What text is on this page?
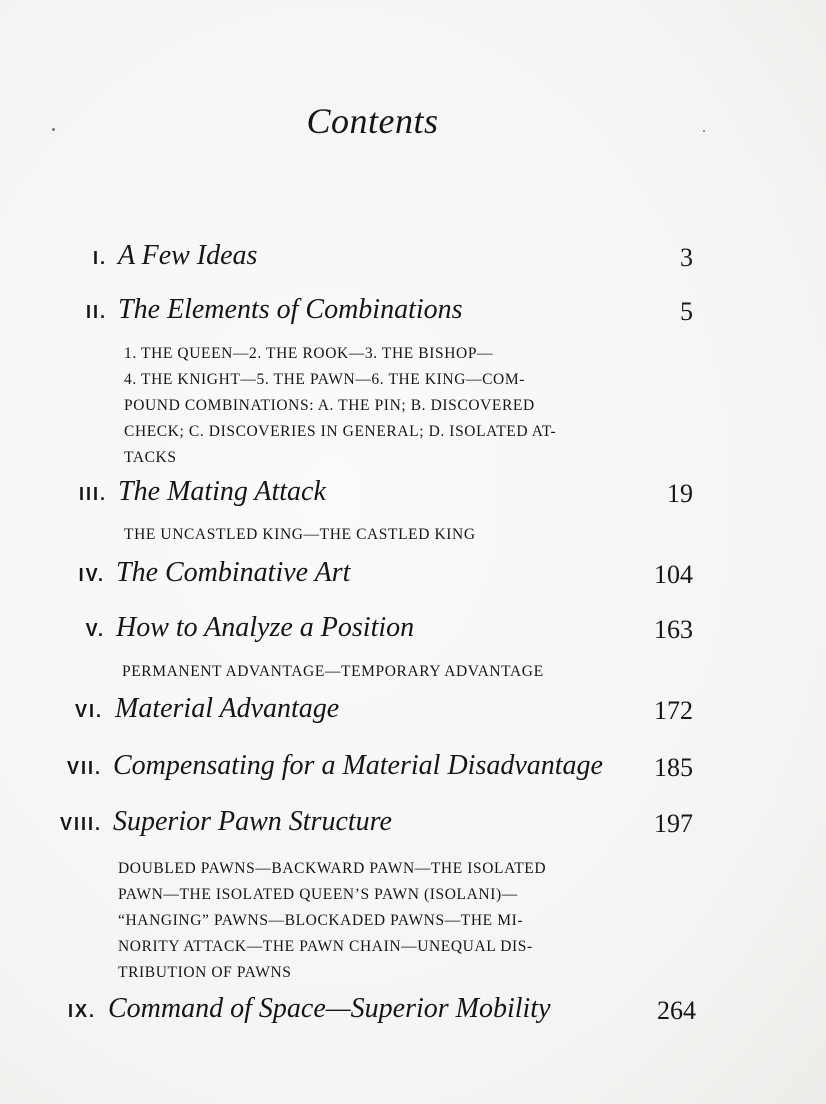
Contents
I. A Few Ideas	3
II. The Elements of Combinations	5
1. THE QUEEN—2. THE ROOK—3. THE BISHOP—
4. THE KNIGHT—5. THE PAWN—6. THE KING—COM-
POUND COMBINATIONS: A. THE PIN; B. DISCOVERED
CHECK; C. DISCOVERIES IN GENERAL; D. ISOLATED AT-
TACKS
III. The Mating Attack	19
THE UNCASTLED KING—THE CASTLED KING
IV. The Combinative Art	104
V. How to Analyze a Position	163
PERMANENT ADVANTAGE—TEMPORARY ADVANTAGE
VI. Material Advantage	172
VII. Compensating for a Material Disadvantage 185
VIII. Superior Pawn Structure	197
DOUBLED PAWNS—BACKWARD PAWN—THE ISOLATED
PAWN—THE ISOLATED QUEEN’S PAWN (ISOLANI)—
“HANGING” PAWNS—BLOCKADED PAWNS—THE MI-
NORITY ATTACK—THE PAWN CHAIN—UNEQUAL DIS-
TRIBUTION OF PAWNS
IX. Command of Space—Superior Mobility	264
